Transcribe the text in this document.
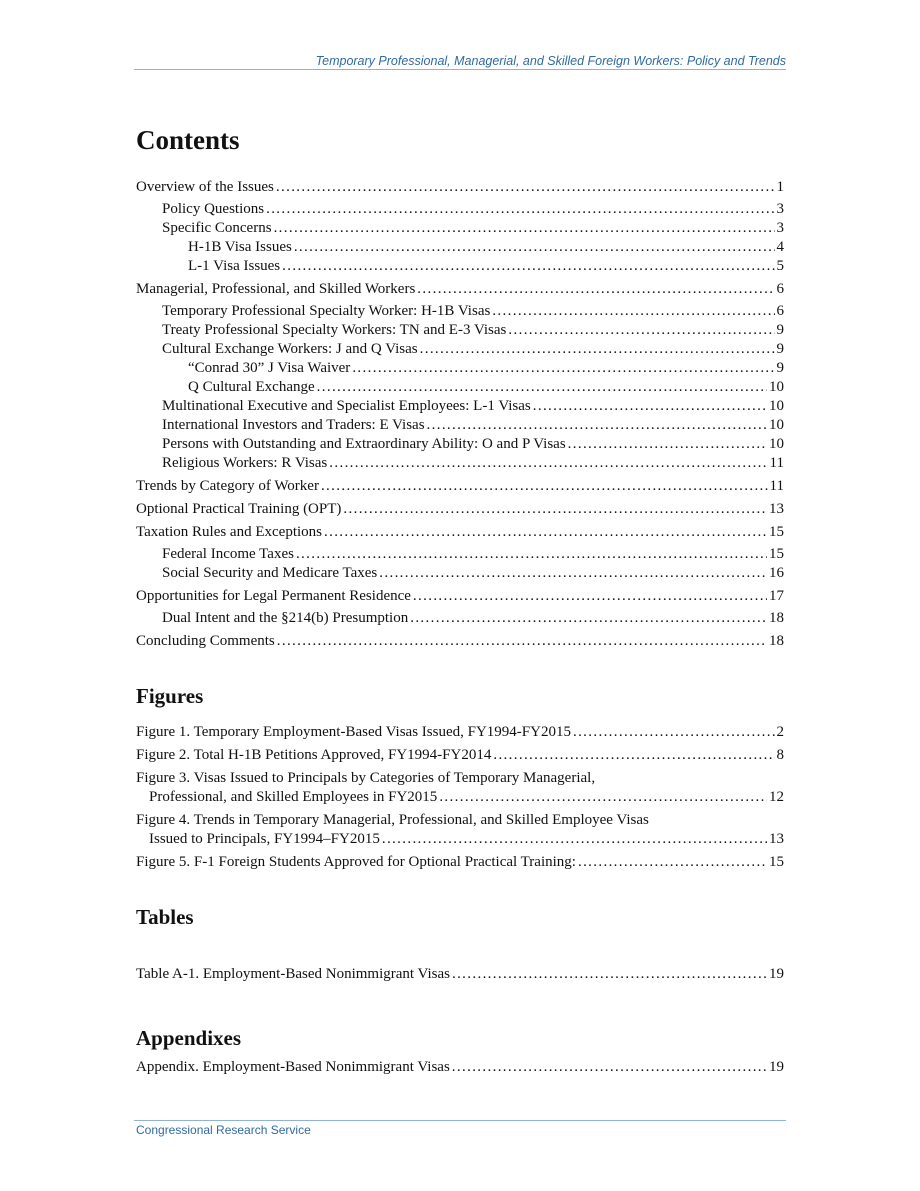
Temporary Professional, Managerial, and Skilled Foreign Workers: Policy and Trends
Contents
Overview of the Issues . . .	1
Policy Questions . . .	3
Specific Concerns . . .	3
H-1B Visa Issues . . .	4
L-1 Visa Issues . . .	5
Managerial, Professional, and Skilled Workers . . .	6
Temporary Professional Specialty Worker: H-1B Visas . . .	6
Treaty Professional Specialty Workers: TN and E-3 Visas . . .	9
Cultural Exchange Workers: J and Q Visas . . .	9
“Conrad 30” J Visa Waiver . . .	9
Q Cultural Exchange . . .	10
Multinational Executive and Specialist Employees: L-1 Visas . . .	10
International Investors and Traders: E Visas . . .	10
Persons with Outstanding and Extraordinary Ability: O and P Visas . . .	10
Religious Workers: R Visas . . .	11
Trends by Category of Worker . . .	11
Optional Practical Training (OPT) . . .	13
Taxation Rules and Exceptions . . .	15
Federal Income Taxes . . .	15
Social Security and Medicare Taxes . . .	16
Opportunities for Legal Permanent Residence . . .	17
Dual Intent and the §214(b) Presumption . . .	18
Concluding Comments . . .	18
Figures
Figure 1. Temporary Employment-Based Visas Issued, FY1994-FY2015 . . .	2
Figure 2. Total H-1B Petitions Approved, FY1994-FY2014 . . .	8
Figure 3. Visas Issued to Principals by Categories of Temporary Managerial,
Professional, and Skilled Employees in FY2015 . . .	12
Figure 4. Trends in Temporary Managerial, Professional, and Skilled Employee Visas
Issued to Principals, FY1994–FY2015 . . .	13
Figure 5. F-1 Foreign Students Approved for Optional Practical Training: . . .	15
Tables
Table A-1. Employment-Based Nonimmigrant Visas . . .	19
Appendixes
Appendix. Employment-Based Nonimmigrant Visas . . .	19
Congressional Research Service
